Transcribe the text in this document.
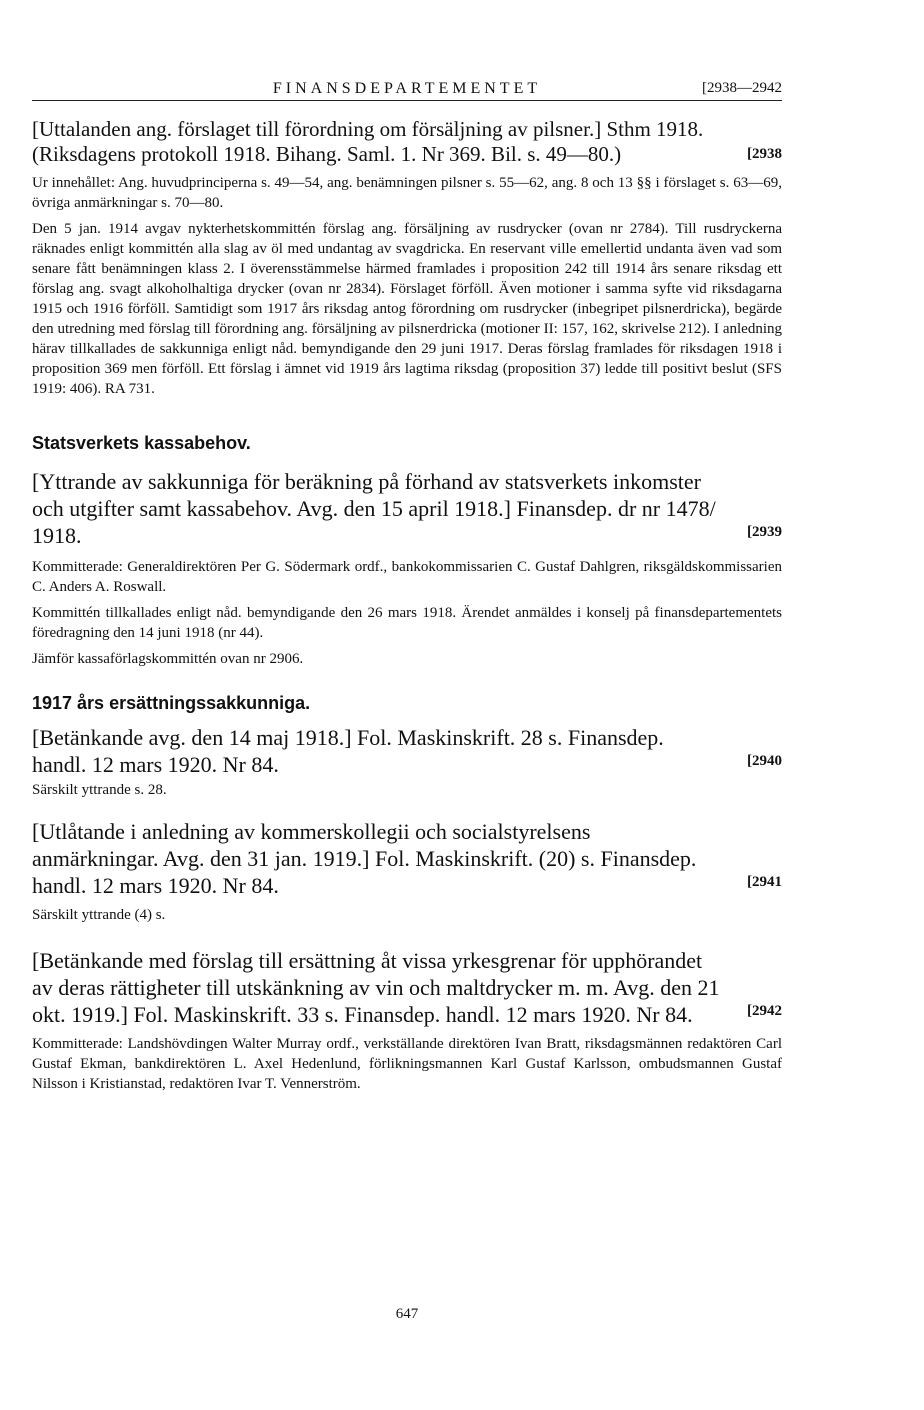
FINANSDEPARTEMENTET	[2938—2942

[Uttalanden ang. förslaget till förordning om försäljning av pilsner.] Sthm 1918. (Riksdagens protokoll 1918. Bihang. Saml. 1. Nr 369. Bil. s. 49—80.)	[2938

Ur innehållet: Ang. huvudprinciperna s. 49—54, ang. benämningen pilsner s. 55—62, ang. 8 och 13 §§ i förslaget s. 63—69, övriga anmärkningar s. 70—80.

Den 5 jan. 1914 avgav nykterhetskommittén förslag ang. försäljning av rusdrycker (ovan nr 2784). Till rusdryckerna räknades enligt kommittén alla slag av öl med undantag av svagdricka. En reservant ville emellertid undanta även vad som senare fått benämningen klass 2. I överensstämmelse härmed framlades i proposition 242 till 1914 års senare riksdag ett förslag ang. svagt alkoholhaltiga drycker (ovan nr 2834). Förslaget förföll. Även motioner i samma syfte vid riksdagarna 1915 och 1916 förföll. Samtidigt som 1917 års riksdag antog förordning om rusdrycker (inbegripet pilsnerdricka), begärde den utredning med förslag till förordning ang. försäljning av pilsnerdricka (motioner II: 157, 162, skrivelse 212). I anledning härav tillkallades de sakkunniga enligt nåd. bemyndigande den 29 juni 1917. Deras förslag framlades för riksdagen 1918 i proposition 369 men förföll. Ett förslag i ämnet vid 1919 års lagtima riksdag (proposition 37) ledde till positivt beslut (SFS 1919: 406). RA 731.

Statsverkets kassabehov.

[Yttrande av sakkunniga för beräkning på förhand av statsverkets inkomster och utgifter samt kassabehov. Avg. den 15 april 1918.] Finansdep. dr nr 1478/ 1918.	[2939

Kommitterade: Generaldirektören Per G. Södermark ordf., bankokommissarien C. Gustaf Dahlgren, riksgäldskommissarien C. Anders A. Roswall.

Kommittén tillkallades enligt nåd. bemyndigande den 26 mars 1918. Ärendet anmäldes i konselj på finansdepartementets föredragning den 14 juni 1918 (nr 44).

Jämför kassaförlagskommittén ovan nr 2906.

1917 års ersättningssakkunniga.

[Betänkande avg. den 14 maj 1918.] Fol. Maskinskrift. 28 s. Finansdep. handl. 12 mars 1920. Nr 84.	[2940

Särskilt yttrande s. 28.

[Utlåtande i anledning av kommerskollegii och socialstyrelsens anmärkningar. Avg. den 31 jan. 1919.] Fol. Maskinskrift. (20) s. Finansdep. handl. 12 mars 1920. Nr 84.	[2941

Särskilt yttrande (4) s.

[Betänkande med förslag till ersättning åt vissa yrkesgrenar för upphörandet av deras rättigheter till utskänkning av vin och maltdrycker m. m. Avg. den 21 okt. 1919.] Fol. Maskinskrift. 33 s. Finansdep. handl. 12 mars 1920. Nr 84.	[2942

Kommitterade: Landshövdingen Walter Murray ordf., verkställande direktören Ivan Bratt, riksdagsmännen redaktören Carl Gustaf Ekman, bankdirektören L. Axel Hedenlund, förlikningsmannen Karl Gustaf Karlsson, ombudsmannen Gustaf Nilsson i Kristianstad, redaktören Ivar T. Vennerström.

647
